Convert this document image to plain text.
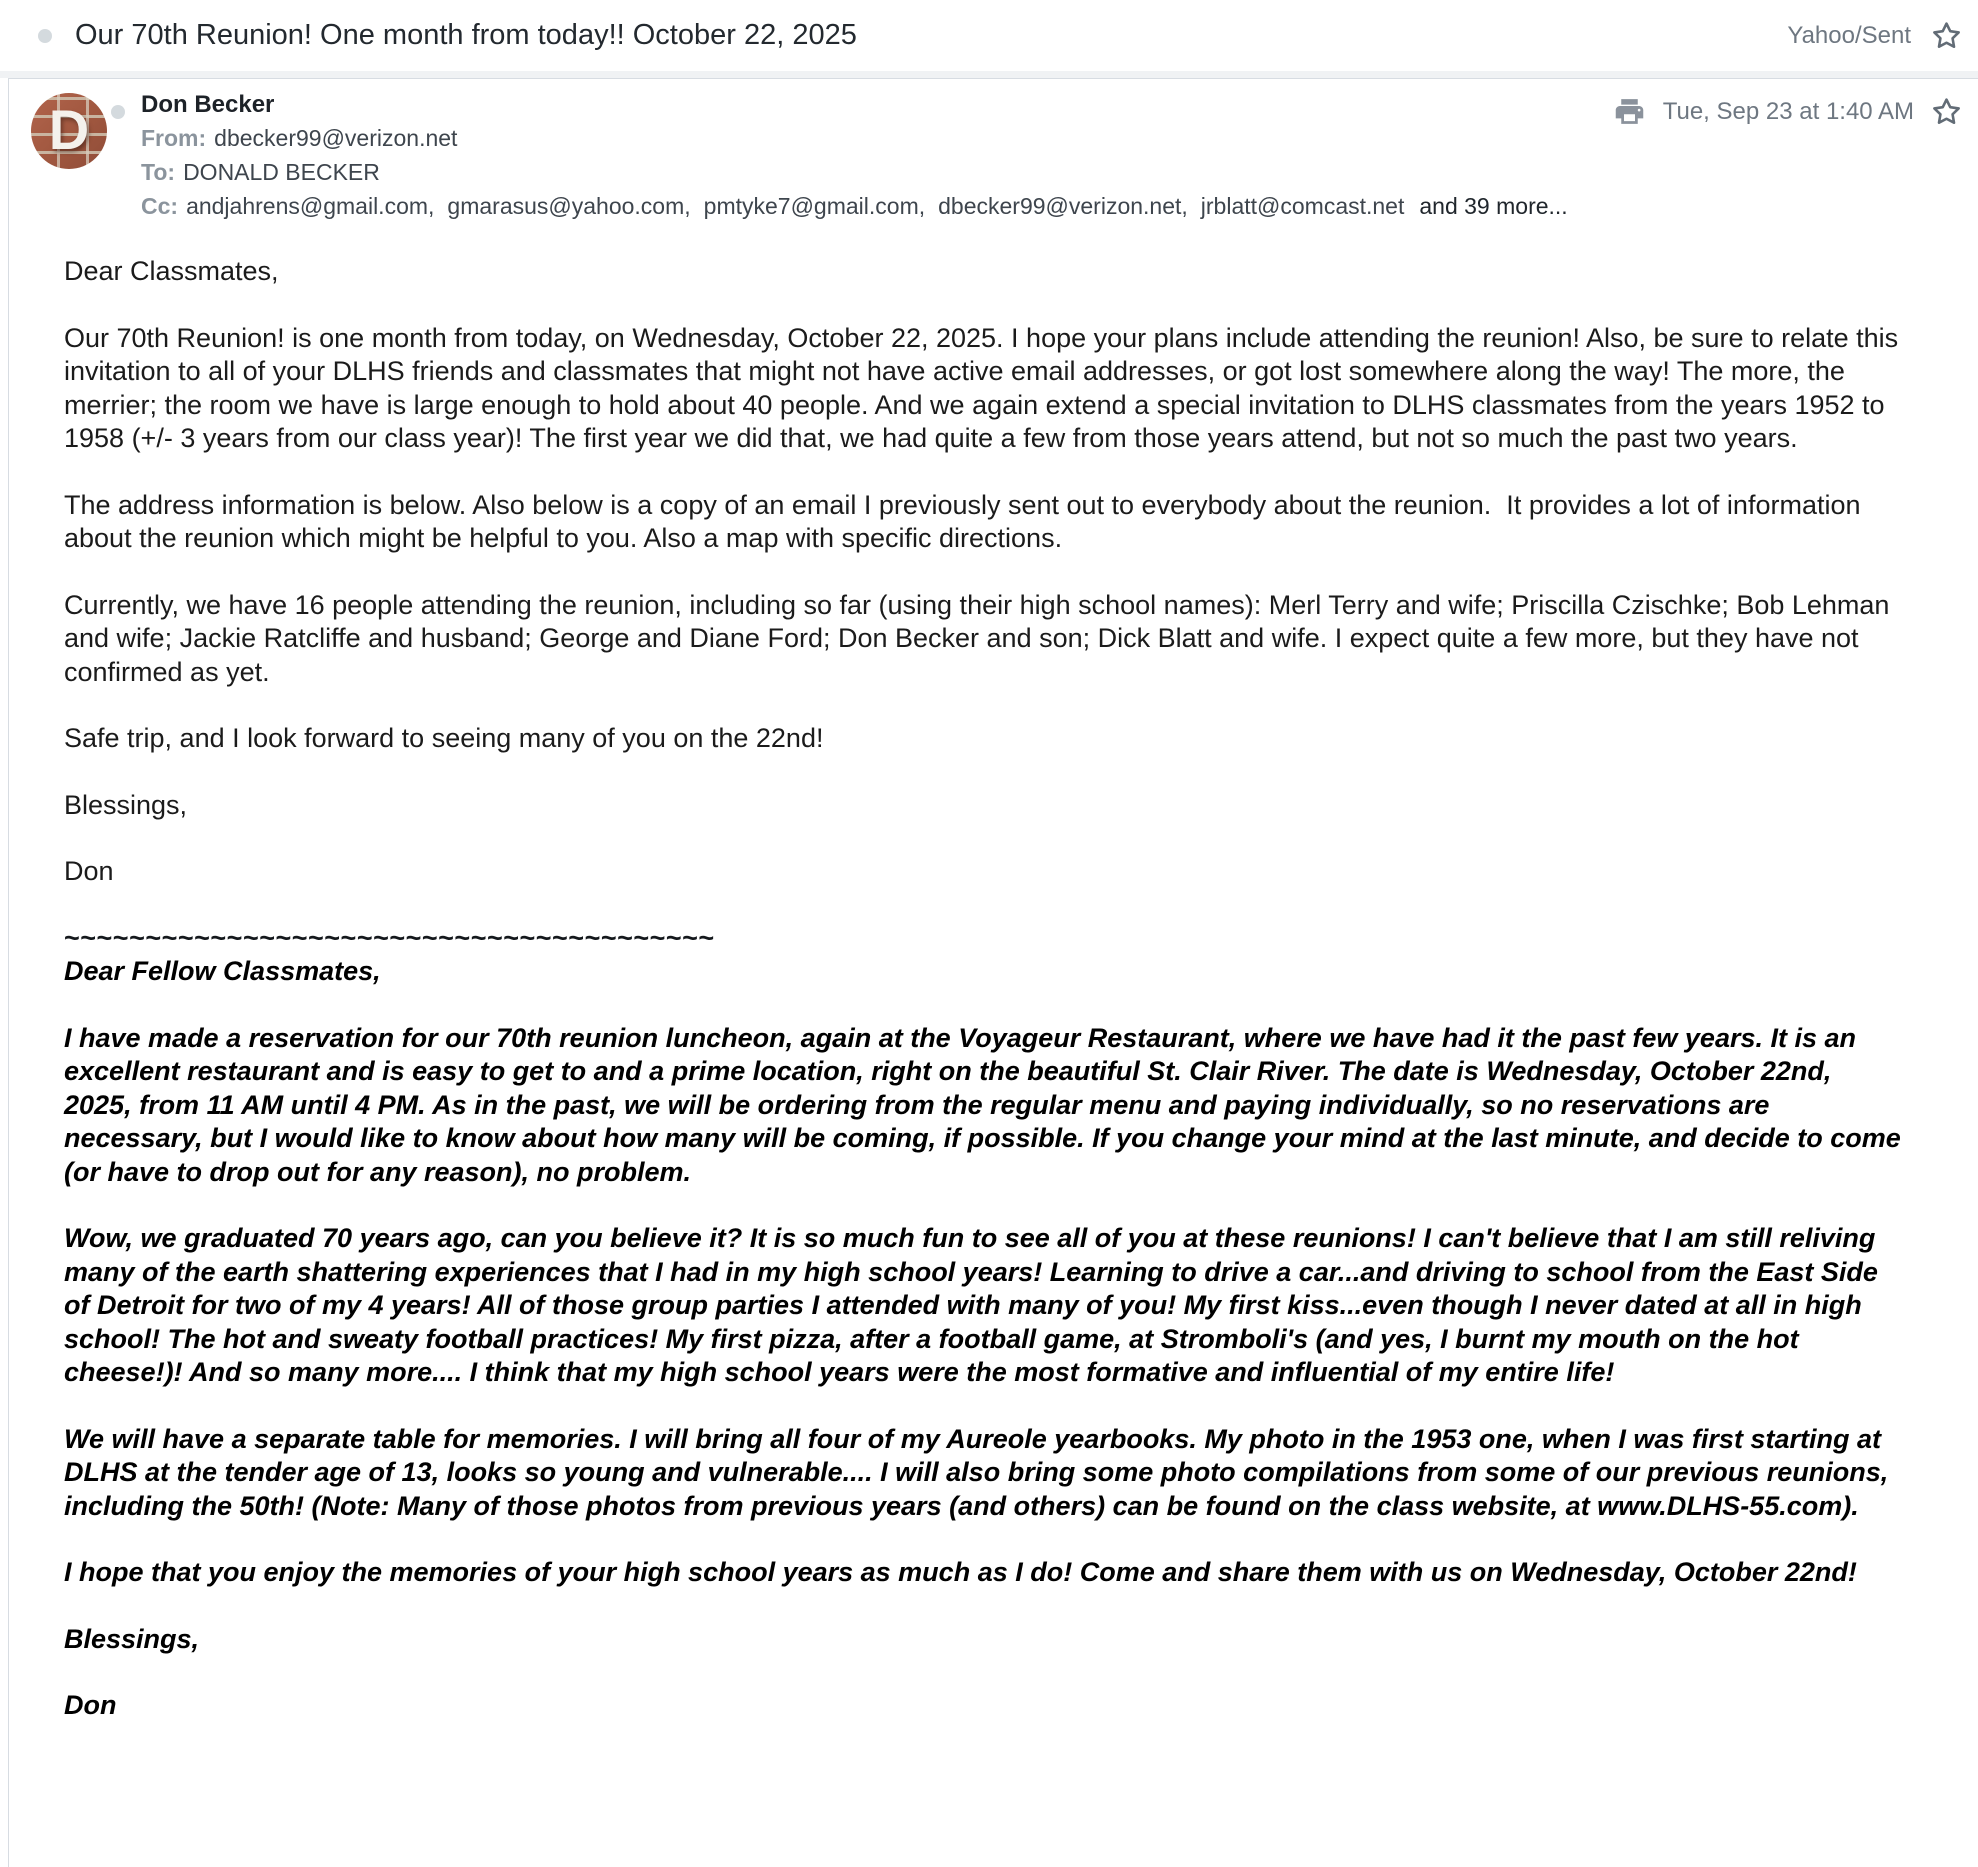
Our 70th Reunion! One month from today!! October 22, 2025	Yahoo/Sent
D Don Becker
From: dbecker99@verizon.net
To: DONALD BECKER
Cc: andjahrens@gmail.com, gmarasus@yahoo.com, pmtyke7@gmail.com, dbecker99@verizon.net, jrblatt@comcast.net and 39 more...
Tue, Sep 23 at 1:40 AM

Dear Classmates,

Our 70th Reunion! is one month from today, on Wednesday, October 22, 2025. I hope your plans include attending the reunion! Also, be sure to relate this invitation to all of your DLHS friends and classmates that might not have active email addresses, or got lost somewhere along the way! The more, the merrier; the room we have is large enough to hold about 40 people. And we again extend a special invitation to DLHS classmates from the years 1952 to 1958 (+/- 3 years from our class year)! The first year we did that, we had quite a few from those years attend, but not so much the past two years.

The address information is below. Also below is a copy of an email I previously sent out to everybody about the reunion.  It provides a lot of information about the reunion which might be helpful to you. Also a map with specific directions.

Currently, we have 16 people attending the reunion, including so far (using their high school names): Merl Terry and wife; Priscilla Czischke; Bob Lehman and wife; Jackie Ratcliffe and husband; George and Diane Ford; Don Becker and son; Dick Blatt and wife. I expect quite a few more, but they have not confirmed as yet.

Safe trip, and I look forward to seeing many of you on the 22nd!

Blessings,

Don

~~~~~~~~~~~~~~~~~~~~~~~~~~~~~~~~~~~~~~~~

Dear Fellow Classmates,

I have made a reservation for our 70th reunion luncheon, again at the Voyageur Restaurant, where we have had it the past few years. It is an excellent restaurant and is easy to get to and a prime location, right on the beautiful St. Clair River. The date is Wednesday, October 22nd, 2025, from 11 AM until 4 PM. As in the past, we will be ordering from the regular menu and paying individually, so no reservations are necessary, but I would like to know about how many will be coming, if possible. If you change your mind at the last minute, and decide to come (or have to drop out for any reason), no problem.

Wow, we graduated 70 years ago, can you believe it? It is so much fun to see all of you at these reunions! I can't believe that I am still reliving many of the earth shattering experiences that I had in my high school years! Learning to drive a car...and driving to school from the East Side of Detroit for two of my 4 years! All of those group parties I attended with many of you! My first kiss...even though I never dated at all in high school! The hot and sweaty football practices! My first pizza, after a football game, at Stromboli's (and yes, I burnt my mouth on the hot cheese!)! And so many more.... I think that my high school years were the most formative and influential of my entire life!

We will have a separate table for memories. I will bring all four of my Aureole yearbooks. My photo in the 1953 one, when I was first starting at DLHS at the tender age of 13, looks so young and vulnerable.... I will also bring some photo compilations from some of our previous reunions, including the 50th! (Note: Many of those photos from previous years (and others) can be found on the class website, at www.DLHS-55.com).

I hope that you enjoy the memories of your high school years as much as I do! Come and share them with us on Wednesday, October 22nd!

Blessings,

Don
